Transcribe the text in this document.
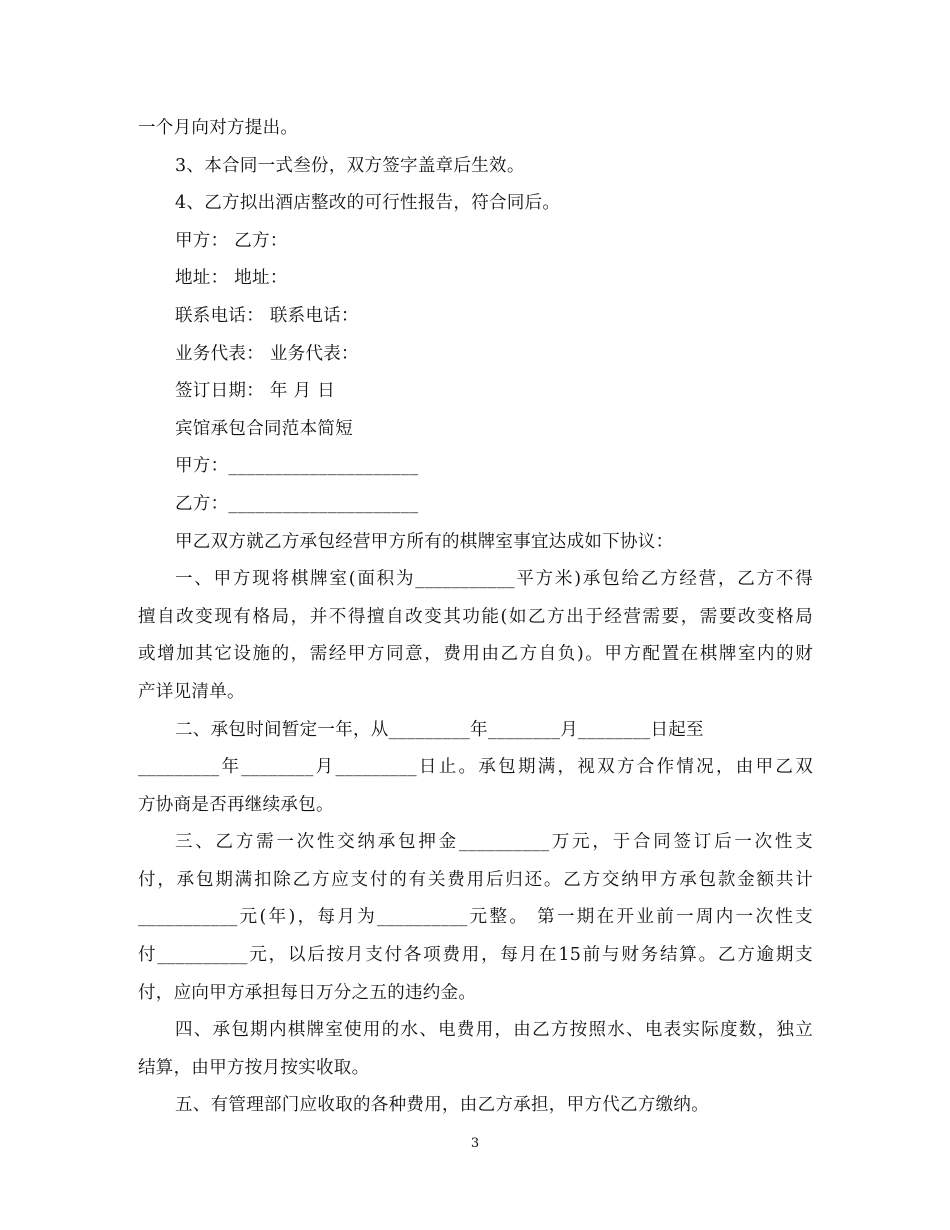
一个月向对方提出。
3、本合同一式叁份，双方签字盖章后生效。
4、乙方拟出酒店整改的可行性报告，符合同后。
甲方： 乙方：
地址： 地址：
联系电话： 联系电话：
业务代表： 业务代表：
签订日期： 年 月 日
宾馆承包合同范本简短
甲方：_____________________
乙方：_____________________
甲乙双方就乙方承包经营甲方所有的棋牌室事宜达成如下协议：
一、甲方现将棋牌室(面积为___________平方米)承包给乙方经营，乙方不得
擅自改变现有格局，并不得擅自改变其功能(如乙方出于经营需要，需要改变格局
或增加其它设施的，需经甲方同意，费用由乙方自负)。甲方配置在棋牌室内的财
产详见清单。
二、承包时间暂定一年，从_________年________月________日起至
_________年________月_________日止。承包期满，视双方合作情况，由甲乙双
方协商是否再继续承包。
三、乙方需一次性交纳承包押金__________万元，于合同签订后一次性支
付，承包期满扣除乙方应支付的有关费用后归还。乙方交纳甲方承包款金额共计
___________元(年)，每月为__________元整。 第一期在开业前一周内一次性支
付__________元，以后按月支付各项费用，每月在15前与财务结算。乙方逾期支
付，应向甲方承担每日万分之五的违约金。
四、承包期内棋牌室使用的水、电费用，由乙方按照水、电表实际度数，独立
结算，由甲方按月按实收取。
五、有管理部门应收取的各种费用，由乙方承担，甲方代乙方缴纳。
3
